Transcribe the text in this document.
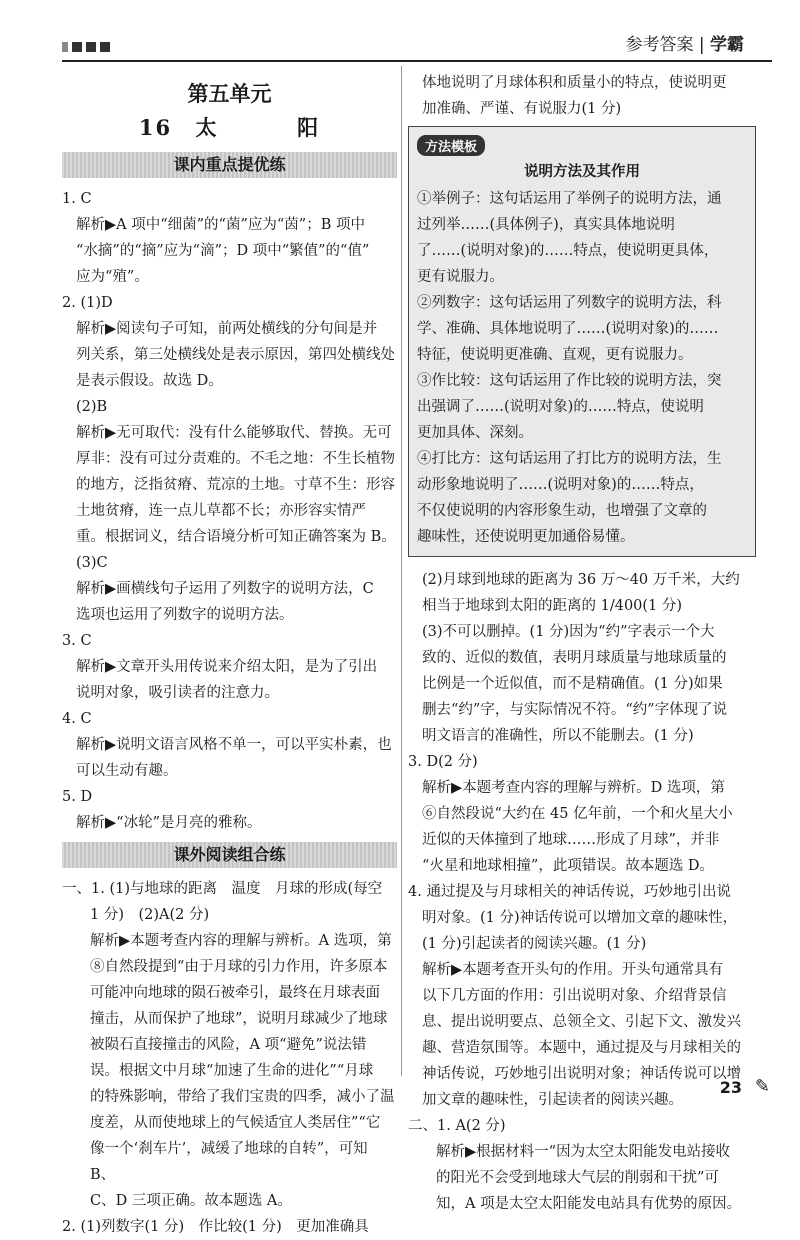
参考答案 | 学霸
第五单元
16 太	阳
课内重点提优练

1. C

解析▶A 项中“细菌”的“菌”应为“茵”；B 项中

“水摘”的“摘”应为“滴”；D 项中“繁值”的“值”

应为“殖”。

2. (1)D

解析▶阅读句子可知，前两处横线的分句间是并

列关系，第三处横线处是表示原因，第四处横线处

是表示假设。故选 D。

(2)B

解析▶无可取代：没有什么能够取代、替换。无可

厚非：没有可过分责难的。不毛之地：不生长植物

的地方，泛指贫瘠、荒凉的土地。寸草不生：形容

土地贫瘠，连一点儿草都不长；亦形容实情严

重。根据词义，结合语境分析可知正确答案为 B。

(3)C

解析▶画横线句子运用了列数字的说明方法，C

选项也运用了列数字的说明方法。

3. C

解析▶文章开头用传说来介绍太阳，是为了引出

说明对象，吸引读者的注意力。

4. C

解析▶说明文语言风格不单一，可以平实朴素，也

可以生动有趣。

5. D

解析▶“冰轮”是月亮的雅称。

课外阅读组合练

一、1. (1)与地球的距离　温度　月球的形成(每空

1 分)　(2)A(2 分)

解析▶本题考查内容的理解与辨析。A 选项，第

⑧自然段提到“由于月球的引力作用，许多原本

可能冲向地球的陨石被牵引，最终在月球表面

撞击，从而保护了地球”，说明月球减少了地球

被陨石直接撞击的风险，A 项“避免”说法错

误。根据文中月球“加速了生命的进化”“月球

的特殊影响，带给了我们宝贵的四季，减小了温

度差，从而使地球上的气候适宜人类居住”“它

像一个‘刹车片’，减缓了地球的自转”，可知 B、

C、D 三项正确。故本题选 A。

2. (1)列数字(1 分)　作比较(1 分)　更加准确具

体地说明了月球体积和质量小的特点，使说明更

加准确、严谨、有说服力(1 分)

方法模板
说明方法及其作用

①举例子：这句话运用了举例子的说明方法，通

过列举……(具体例子)，真实具体地说明

了……(说明对象)的……特点，使说明更具体，

更有说服力。

②列数字：这句话运用了列数字的说明方法，科

学、准确、具体地说明了……(说明对象)的……

特征，使说明更准确、直观，更有说服力。

③作比较：这句话运用了作比较的说明方法，突

出强调了……(说明对象)的……特点，使说明

更加具体、深刻。

④打比方：这句话运用了打比方的说明方法，生

动形象地说明了……(说明对象)的……特点，

不仅使说明的内容形象生动，也增强了文章的

趣味性，还使说明更加通俗易懂。

(2)月球到地球的距离为 36 万～40 万千米，大约

相当于地球到太阳的距离的 1/400(1 分)

(3)不可以删掉。(1 分)因为“约”字表示一个大

致的、近似的数值，表明月球质量与地球质量的

比例是一个近似值，而不是精确值。(1 分)如果

删去“约”字，与实际情况不符。“约”字体现了说

明文语言的准确性，所以不能删去。(1 分)

3. D(2 分)

解析▶本题考查内容的理解与辨析。D 选项，第

⑥自然段说“大约在 45 亿年前，一个和火星大小

近似的天体撞到了地球……形成了月球”，并非

“火星和地球相撞”，此项错误。故本题选 D。

4. 通过提及与月球相关的神话传说，巧妙地引出说

明对象。(1 分)神话传说可以增加文章的趣味性，

(1 分)引起读者的阅读兴趣。(1 分)

解析▶本题考查开头句的作用。开头句通常具有

以下几方面的作用：引出说明对象、介绍背景信

息、提出说明要点、总领全文、引起下文、激发兴

趣、营造氛围等。本题中，通过提及与月球相关的

神话传说，巧妙地引出说明对象；神话传说可以增

加文章的趣味性，引起读者的阅读兴趣。

二、1. A(2 分)

解析▶根据材料一“因为太空太阳能发电站接收

的阳光不会受到地球大气层的削弱和干扰”可

知，A 项是太空太阳能发电站具有优势的原因。

23 ✎
